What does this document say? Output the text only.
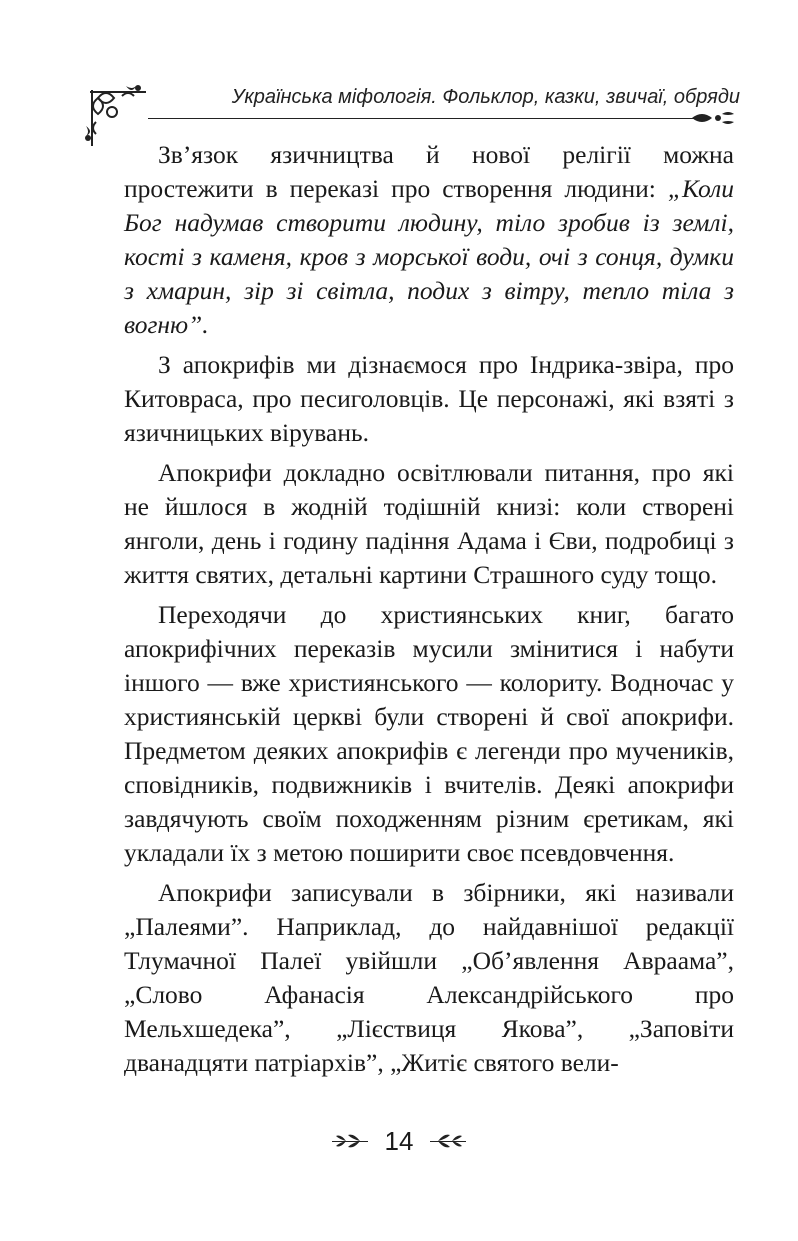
Українська міфологія. Фольклор, казки, звичаї, обряди

Зв’язок язичництва й нової релігії можна простежити в переказі про створення людини: „Коли Бог надумав створити людину, тіло зробив із землі, кості з каменя, кров з морської води, очі з сонця, думки з хмарин, зір зі світла, подих з вітру, тепло тіла з вогню”.

З апокрифів ми дізнаємося про Індрика-звіра, про Китовраса, про песиголовців. Це персонажі, які взяті з язичницьких вірувань.

Апокрифи докладно освітлювали питання, про які не йшлося в жодній тодішній книзі: коли створені янголи, день і годину падіння Адама і Єви, подробиці з життя святих, детальні картини Страшного суду тощо.

Переходячи до християнських книг, багато апокрифічних переказів мусили змінитися і набути іншого — вже християнського — колориту. Водночас у християнській церкві були створені й свої апокрифи. Предметом деяких апокрифів є легенди про мучеників, сповідників, подвижників і вчителів. Деякі апокрифи завдячують своїм походженням різним єретикам, які укладали їх з метою поширити своє псевдовчення.

Апокрифи записували в збірники, які називали „Палеями”. Наприклад, до найдавнішої редакції Тлумачної Палеї увійшли „Об’явлення Авраама”, „Слово Афанасія Александрійського про Мельхшедека”, „Лієствиця Якова”, „Заповіти дванадцяти патріархів”, „Житіє святого вели-

14
